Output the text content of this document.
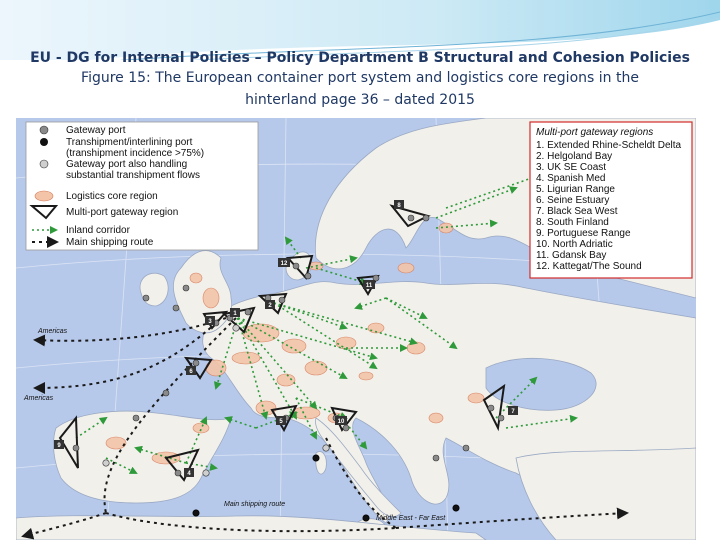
EU - DG for Internal Policies – Policy Department B Structural and Cohesion Policies
Figure 15: The European container port system and logistics core regions in the
hinterland page 36 – dated 2015
1
2
3
4
5
6
7
8
9
10
11
12
Americas
Americas
Main shipping route
Middle East - Far East
Gateway port
Transhipment/interlining port
(transhipment incidence >75%)
Gateway port also handling
substantial transhipment flows
Logistics core region
Multi-port gateway region
Inland corridor
Main shipping route
Multi-port gateway regions
1. Extended Rhine-Scheldt Delta
2. Helgoland Bay
3. UK SE Coast
4. Spanish Med
5. Ligurian Range
6. Seine Estuary
7. Black Sea West
8. South Finland
9. Portuguese Range
10. North Adriatic
11. Gdansk Bay
12. Kattegat/The Sound
